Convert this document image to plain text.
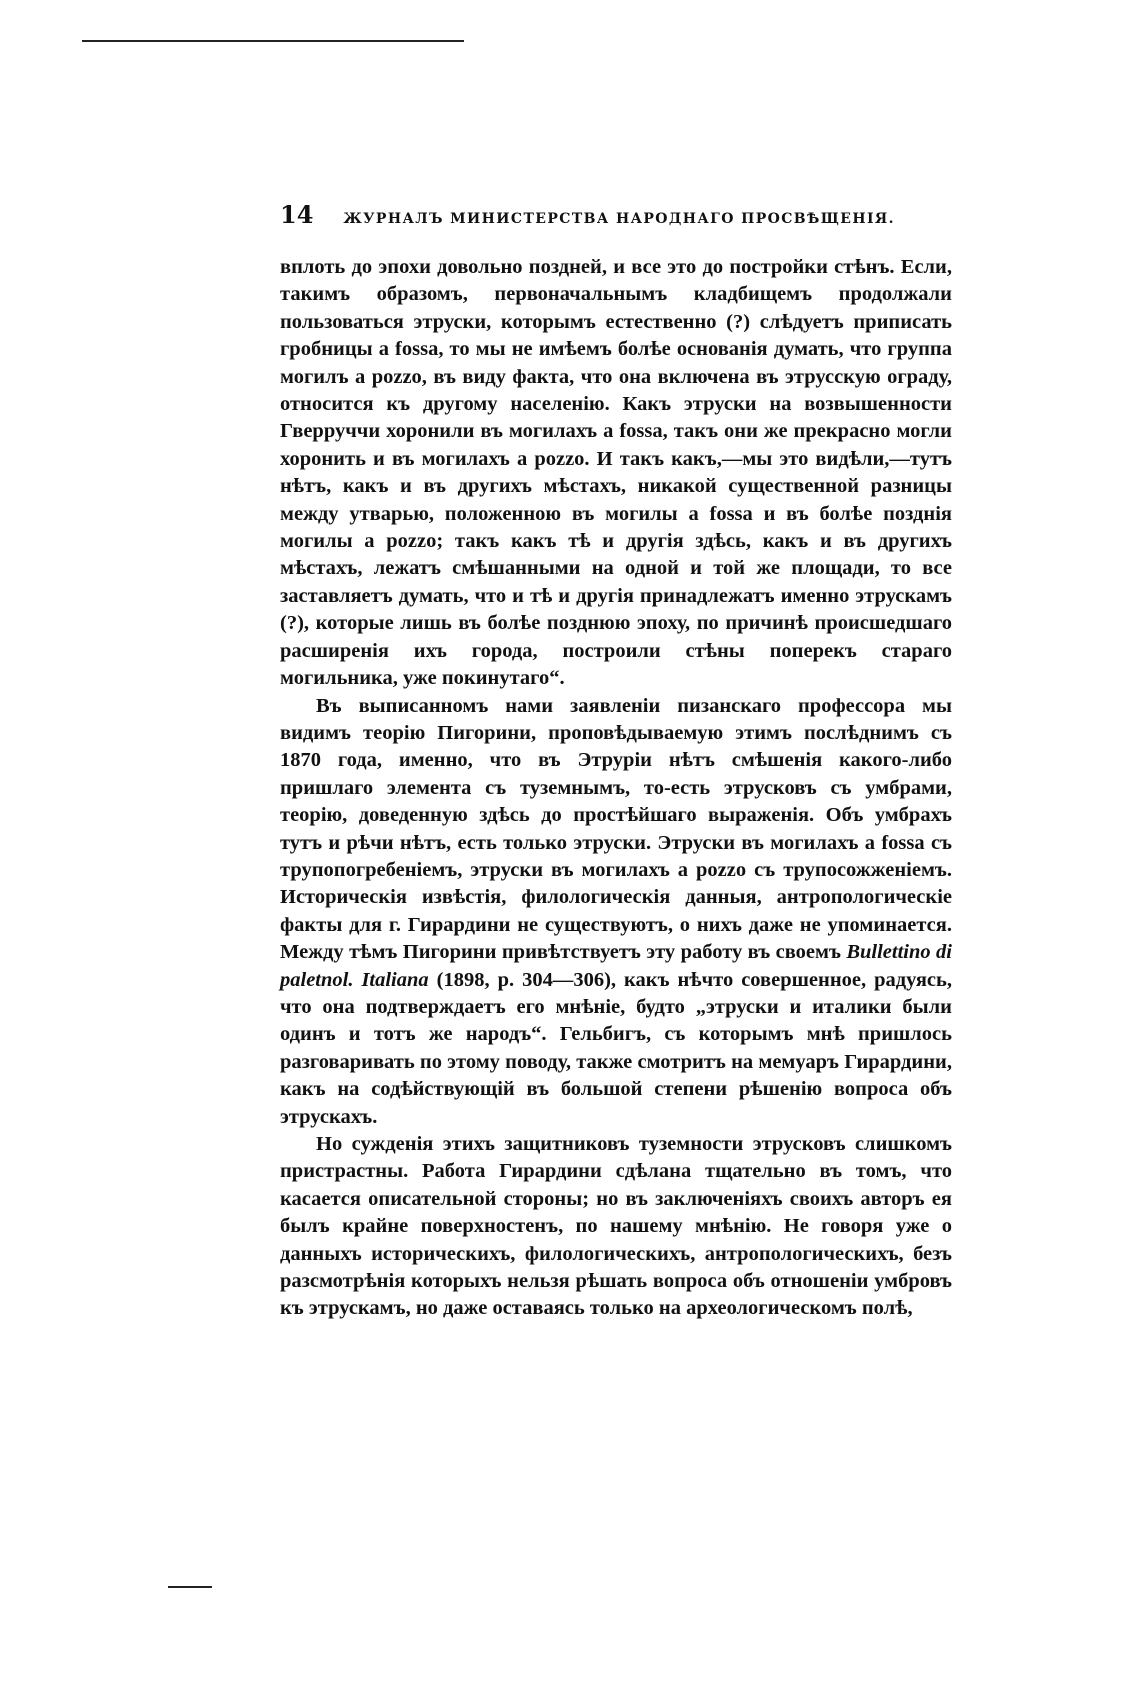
14 ЖУРНАЛЪ МИНИСТЕРСТВА НАРОДНАГО ПРОСВѢЩЕНІЯ.

вплоть до эпохи довольно поздней, и все это до постройки стѣнъ. Если, такимъ образомъ, первоначальнымъ кладбищемъ продолжали пользоваться этруски, которымъ естественно (?) слѣдуетъ приписать гробницы a fossa, то мы не имѣемъ болѣе основанія думать, что группа могилъ a pozzo, въ виду факта, что она включена въ этрусскую ограду, относится къ другому населенію. Какъ этруски на возвышенности Гверруччи хоронили въ могилахъ a fossa, такъ они же прекрасно могли хоронить и въ могилахъ a pozzo. И такъ какъ,—мы это видѣли,—тутъ нѣтъ, какъ и въ другихъ мѣстахъ, никакой существенной разницы между утварью, положенною въ могилы a fossa и въ болѣе позднія могилы a pozzo; такъ какъ тѣ и другія здѣсь, какъ и въ другихъ мѣстахъ, лежатъ смѣшанными на одной и той же площади, то все заставляетъ думать, что и тѣ и другія принадлежатъ именно этрускамъ (?), которые лишь въ болѣе позднюю эпоху, по причинѣ происшедшаго расширенія ихъ города, построили стѣны поперекъ стараго могильника, уже покинутаго“.

Въ выписанномъ нами заявленіи пизанскаго профессора мы видимъ теорію Пигорини, проповѣдываемую этимъ послѣднимъ съ 1870 года, именно, что въ Этруріи нѣтъ смѣшенія какого-либо пришлаго элемента съ туземнымъ, то-есть этрусковъ съ умбрами, теорію, доведенную здѣсь до простѣйшаго выраженія. Объ умбрахъ тутъ и рѣчи нѣтъ, есть только этруски. Этруски въ могилахъ a fossa съ трупопогребеніемъ, этруски въ могилахъ a pozzo съ трупосожженіемъ. Историческія извѣстія, филологическія данныя, антропологическіе факты для г. Гирардини не существуютъ, о нихъ даже не упоминается. Между тѣмъ Пигорини привѣтствуетъ эту работу въ своемъ Bullettino di paletnol. Italiana (1898, p. 304—306), какъ нѣчто совершенное, радуясь, что она подтверждаетъ его мнѣніе, будто „этруски и италики были одинъ и тотъ же народъ“. Гельбигъ, съ которымъ мнѣ пришлось разговаривать по этому поводу, также смотритъ на мемуаръ Гирардини, какъ на содѣйствующій въ большой степени рѣшенію вопроса объ этрускахъ.

Но сужденія этихъ защитниковъ туземности этрусковъ слишкомъ пристрастны. Работа Гирардини сдѣлана тщательно въ томъ, что касается описательной стороны; но въ заключеніяхъ своихъ авторъ ея былъ крайне поверхностенъ, по нашему мнѣнію. Не говоря уже о данныхъ историческихъ, филологическихъ, антропологическихъ, безъ разсмотрѣнія которыхъ нельзя рѣшать вопроса объ отношеніи умбровъ къ этрускамъ, но даже оставаясь только на археологическомъ полѣ,
